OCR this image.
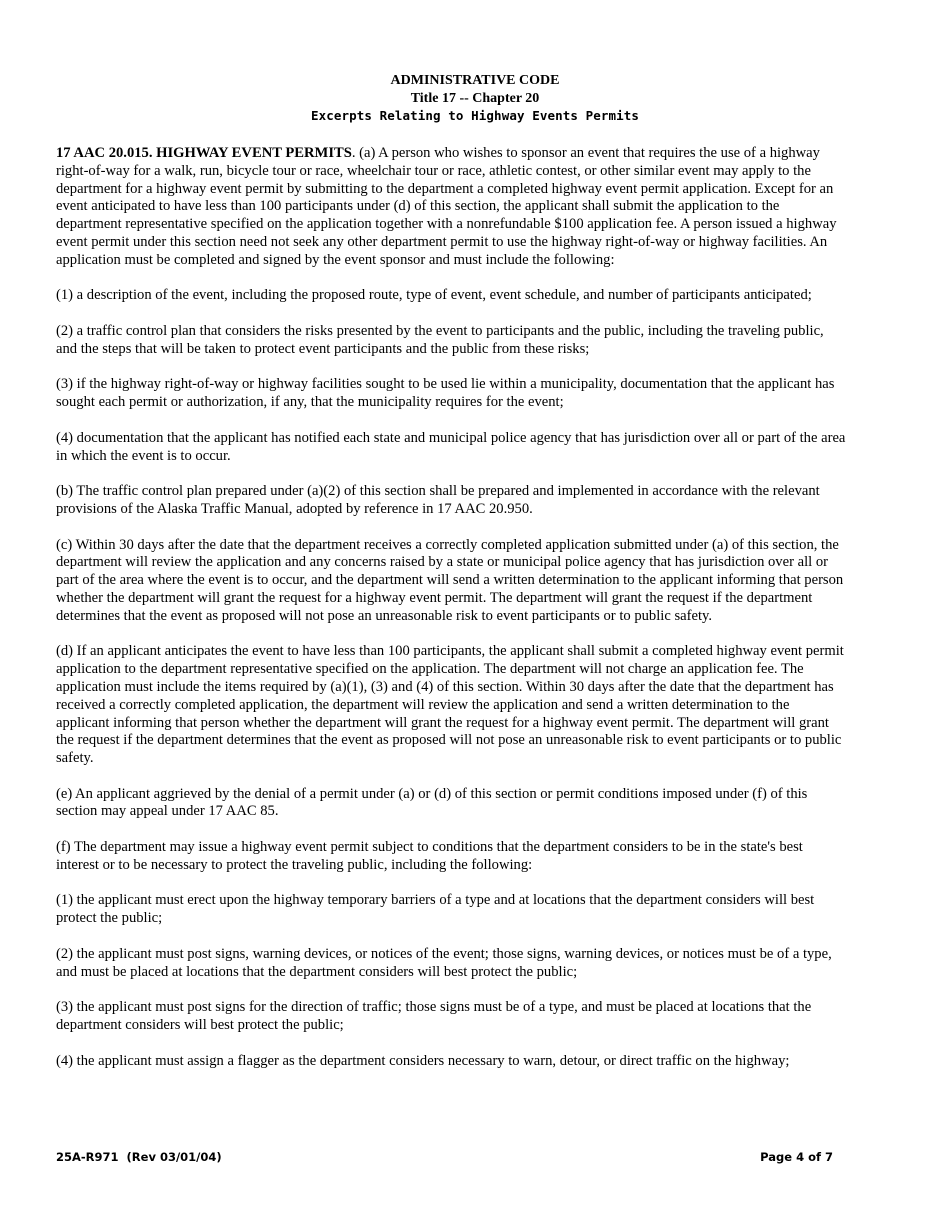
ADMINISTRATIVE CODE
Title 17 -- Chapter 20
Excerpts Relating to Highway Events Permits

17 AAC 20.015. HIGHWAY EVENT PERMITS. (a) A person who wishes to sponsor an event that requires the use of a highway right-of-way for a walk, run, bicycle tour or race, wheelchair tour or race, athletic contest, or other similar event may apply to the department for a highway event permit by submitting to the department a completed highway event permit application. Except for an event anticipated to have less than 100 participants under (d) of this section, the applicant shall submit the application to the department representative specified on the application together with a nonrefundable $100 application fee. A person issued a highway event permit under this section need not seek any other department permit to use the highway right-of-way or highway facilities. An application must be completed and signed by the event sponsor and must include the following:

(1) a description of the event, including the proposed route, type of event, event schedule, and number of participants anticipated;

(2) a traffic control plan that considers the risks presented by the event to participants and the public, including the traveling public, and the steps that will be taken to protect event participants and the public from these risks;

(3) if the highway right-of-way or highway facilities sought to be used lie within a municipality, documentation that the applicant has sought each permit or authorization, if any, that the municipality requires for the event;

(4) documentation that the applicant has notified each state and municipal police agency that has jurisdiction over all or part of the area in which the event is to occur.

(b) The traffic control plan prepared under (a)(2) of this section shall be prepared and implemented in accordance with the relevant provisions of the Alaska Traffic Manual, adopted by reference in 17 AAC 20.950.

(c) Within 30 days after the date that the department receives a correctly completed application submitted under (a) of this section, the department will review the application and any concerns raised by a state or municipal police agency that has jurisdiction over all or part of the area where the event is to occur, and the department will send a written determination to the applicant informing that person whether the department will grant the request for a highway event permit. The department will grant the request if the department determines that the event as proposed will not pose an unreasonable risk to event participants or to public safety.

(d) If an applicant anticipates the event to have less than 100 participants, the applicant shall submit a completed highway event permit application to the department representative specified on the application. The department will not charge an application fee. The application must include the items required by (a)(1), (3) and (4) of this section. Within 30 days after the date that the department has received a correctly completed application, the department will review the application and send a written determination to the applicant informing that person whether the department will grant the request for a highway event permit. The department will grant the request if the department determines that the event as proposed will not pose an unreasonable risk to event participants or to public safety.

(e) An applicant aggrieved by the denial of a permit under (a) or (d) of this section or permit conditions imposed under (f) of this section may appeal under 17 AAC 85.

(f) The department may issue a highway event permit subject to conditions that the department considers to be in the state's best interest or to be necessary to protect the traveling public, including the following:

(1) the applicant must erect upon the highway temporary barriers of a type and at locations that the department considers will best protect the public;

(2) the applicant must post signs, warning devices, or notices of the event; those signs, warning devices, or notices must be of a type, and must be placed at locations that the department considers will best protect the public;

(3) the applicant must post signs for the direction of traffic; those signs must be of a type, and must be placed at locations that the department considers will best protect the public;

(4) the applicant must assign a flagger as the department considers necessary to warn, detour, or direct traffic on the highway;

25A-R971  (Rev 03/01/04)	Page 4 of 7
